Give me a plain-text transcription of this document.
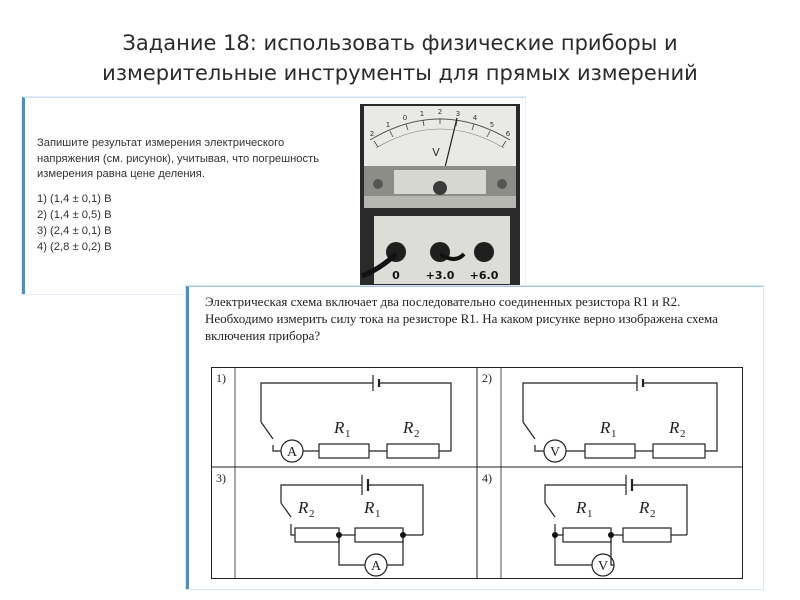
Задание 18: использовать физические приборы и
измерительные инструменты для прямых измерений
Запишите результат измерения электрического напряжения (см. рисунок), учитывая, что погрешность измерения равна цене деления.
1) (1,4 ± 0,1) В
2) (1,4 ± 0,5) В
3) (2,4 ± 0,1) В
4) (2,8 ± 0,2) В
2
1
0 1 2 3 4
5
6
V
0 +3.0 +6.0
Электрическая схема включает два последовательно соединенных резистора R1 и R2. Необходимо измерить силу тока на резисторе R1. На каком рисунке верно изображена схема включения прибора?
1)	2)
3)	4)
A
R 1	R 2
V
R 1	R 2
A
R 2	R 1
V
R 1	R 2
